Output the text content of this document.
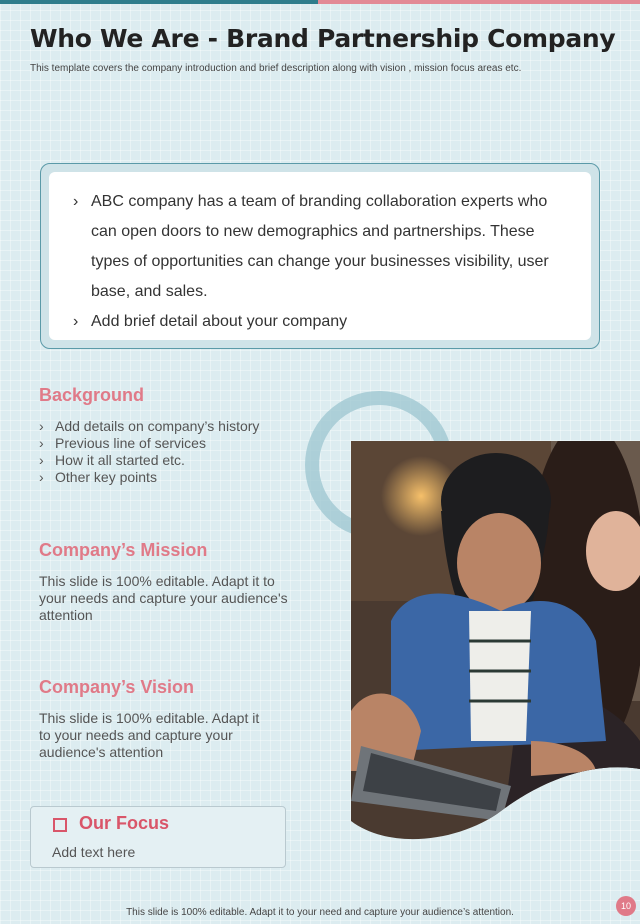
Who We Are - Brand Partnership Company
This template covers the company introduction and brief description along with vision , mission focus areas etc.
› ABC company has a team of branding collaboration experts who can open doors to new demographics and partnerships. These types of opportunities can change your businesses visibility, user base, and sales.
› Add brief detail about your company
Background
› Add details on company’s history
› Previous line of services
› How it all started etc.
› Other key points
Company’s Mission
This slide is 100% editable. Adapt it to your needs and capture your audience's attention
Company’s Vision
This slide is 100% editable. Adapt it to your needs and capture your audience's attention
Our Focus
Add text here
This slide is 100% editable. Adapt it to your need and capture your audience’s attention.
10
